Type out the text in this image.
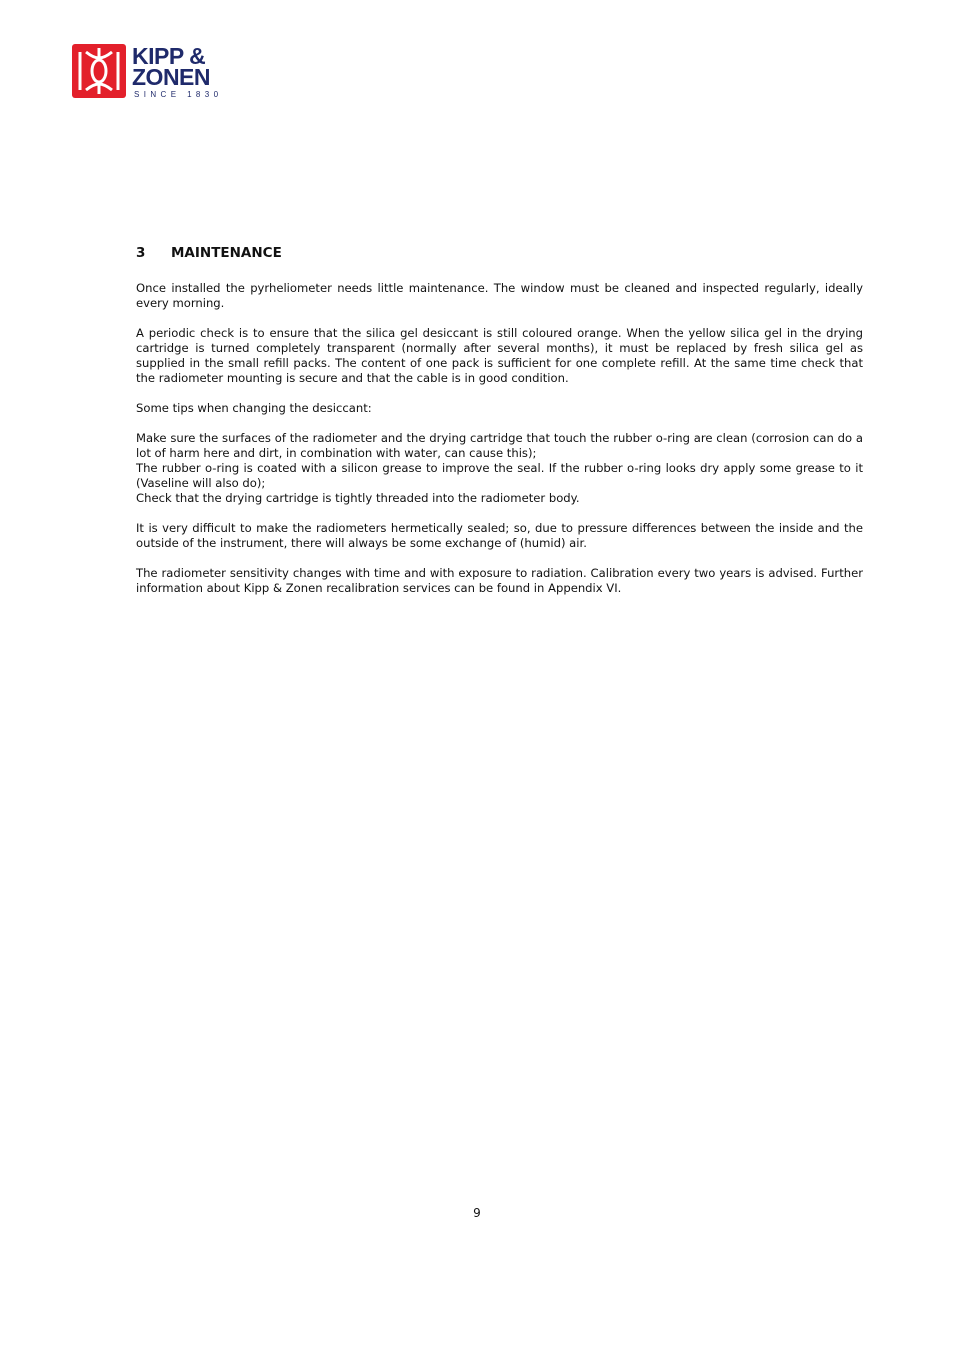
KIPP &
ZONEN
SINCE 1830
3	MAINTENANCE

Once installed the pyrheliometer needs little maintenance. The window must be cleaned and inspected regularly, ideally every morning.

A periodic check is to ensure that the silica gel desiccant is still coloured orange. When the yellow silica gel in the drying cartridge is turned completely transparent (normally after several months), it must be replaced by fresh silica gel as supplied in the small refill packs. The content of one pack is sufficient for one complete refill. At the same time check that the radiometer mounting is secure and that the cable is in good condition.

Some tips when changing the desiccant:

Make sure the surfaces of the radiometer and the drying cartridge that touch the rubber o-ring are clean (corrosion can do a lot of harm here and dirt, in combination with water, can cause this);
The rubber o-ring is coated with a silicon grease to improve the seal. If the rubber o-ring looks dry apply some grease to it (Vaseline will also do);
Check that the drying cartridge is tightly threaded into the radiometer body.

It is very difficult to make the radiometers hermetically sealed; so, due to pressure differences between the inside and the outside of the instrument, there will always be some exchange of (humid) air.

The radiometer sensitivity changes with time and with exposure to radiation. Calibration every two years is advised. Further information about Kipp & Zonen recalibration services can be found in Appendix VI.

9
